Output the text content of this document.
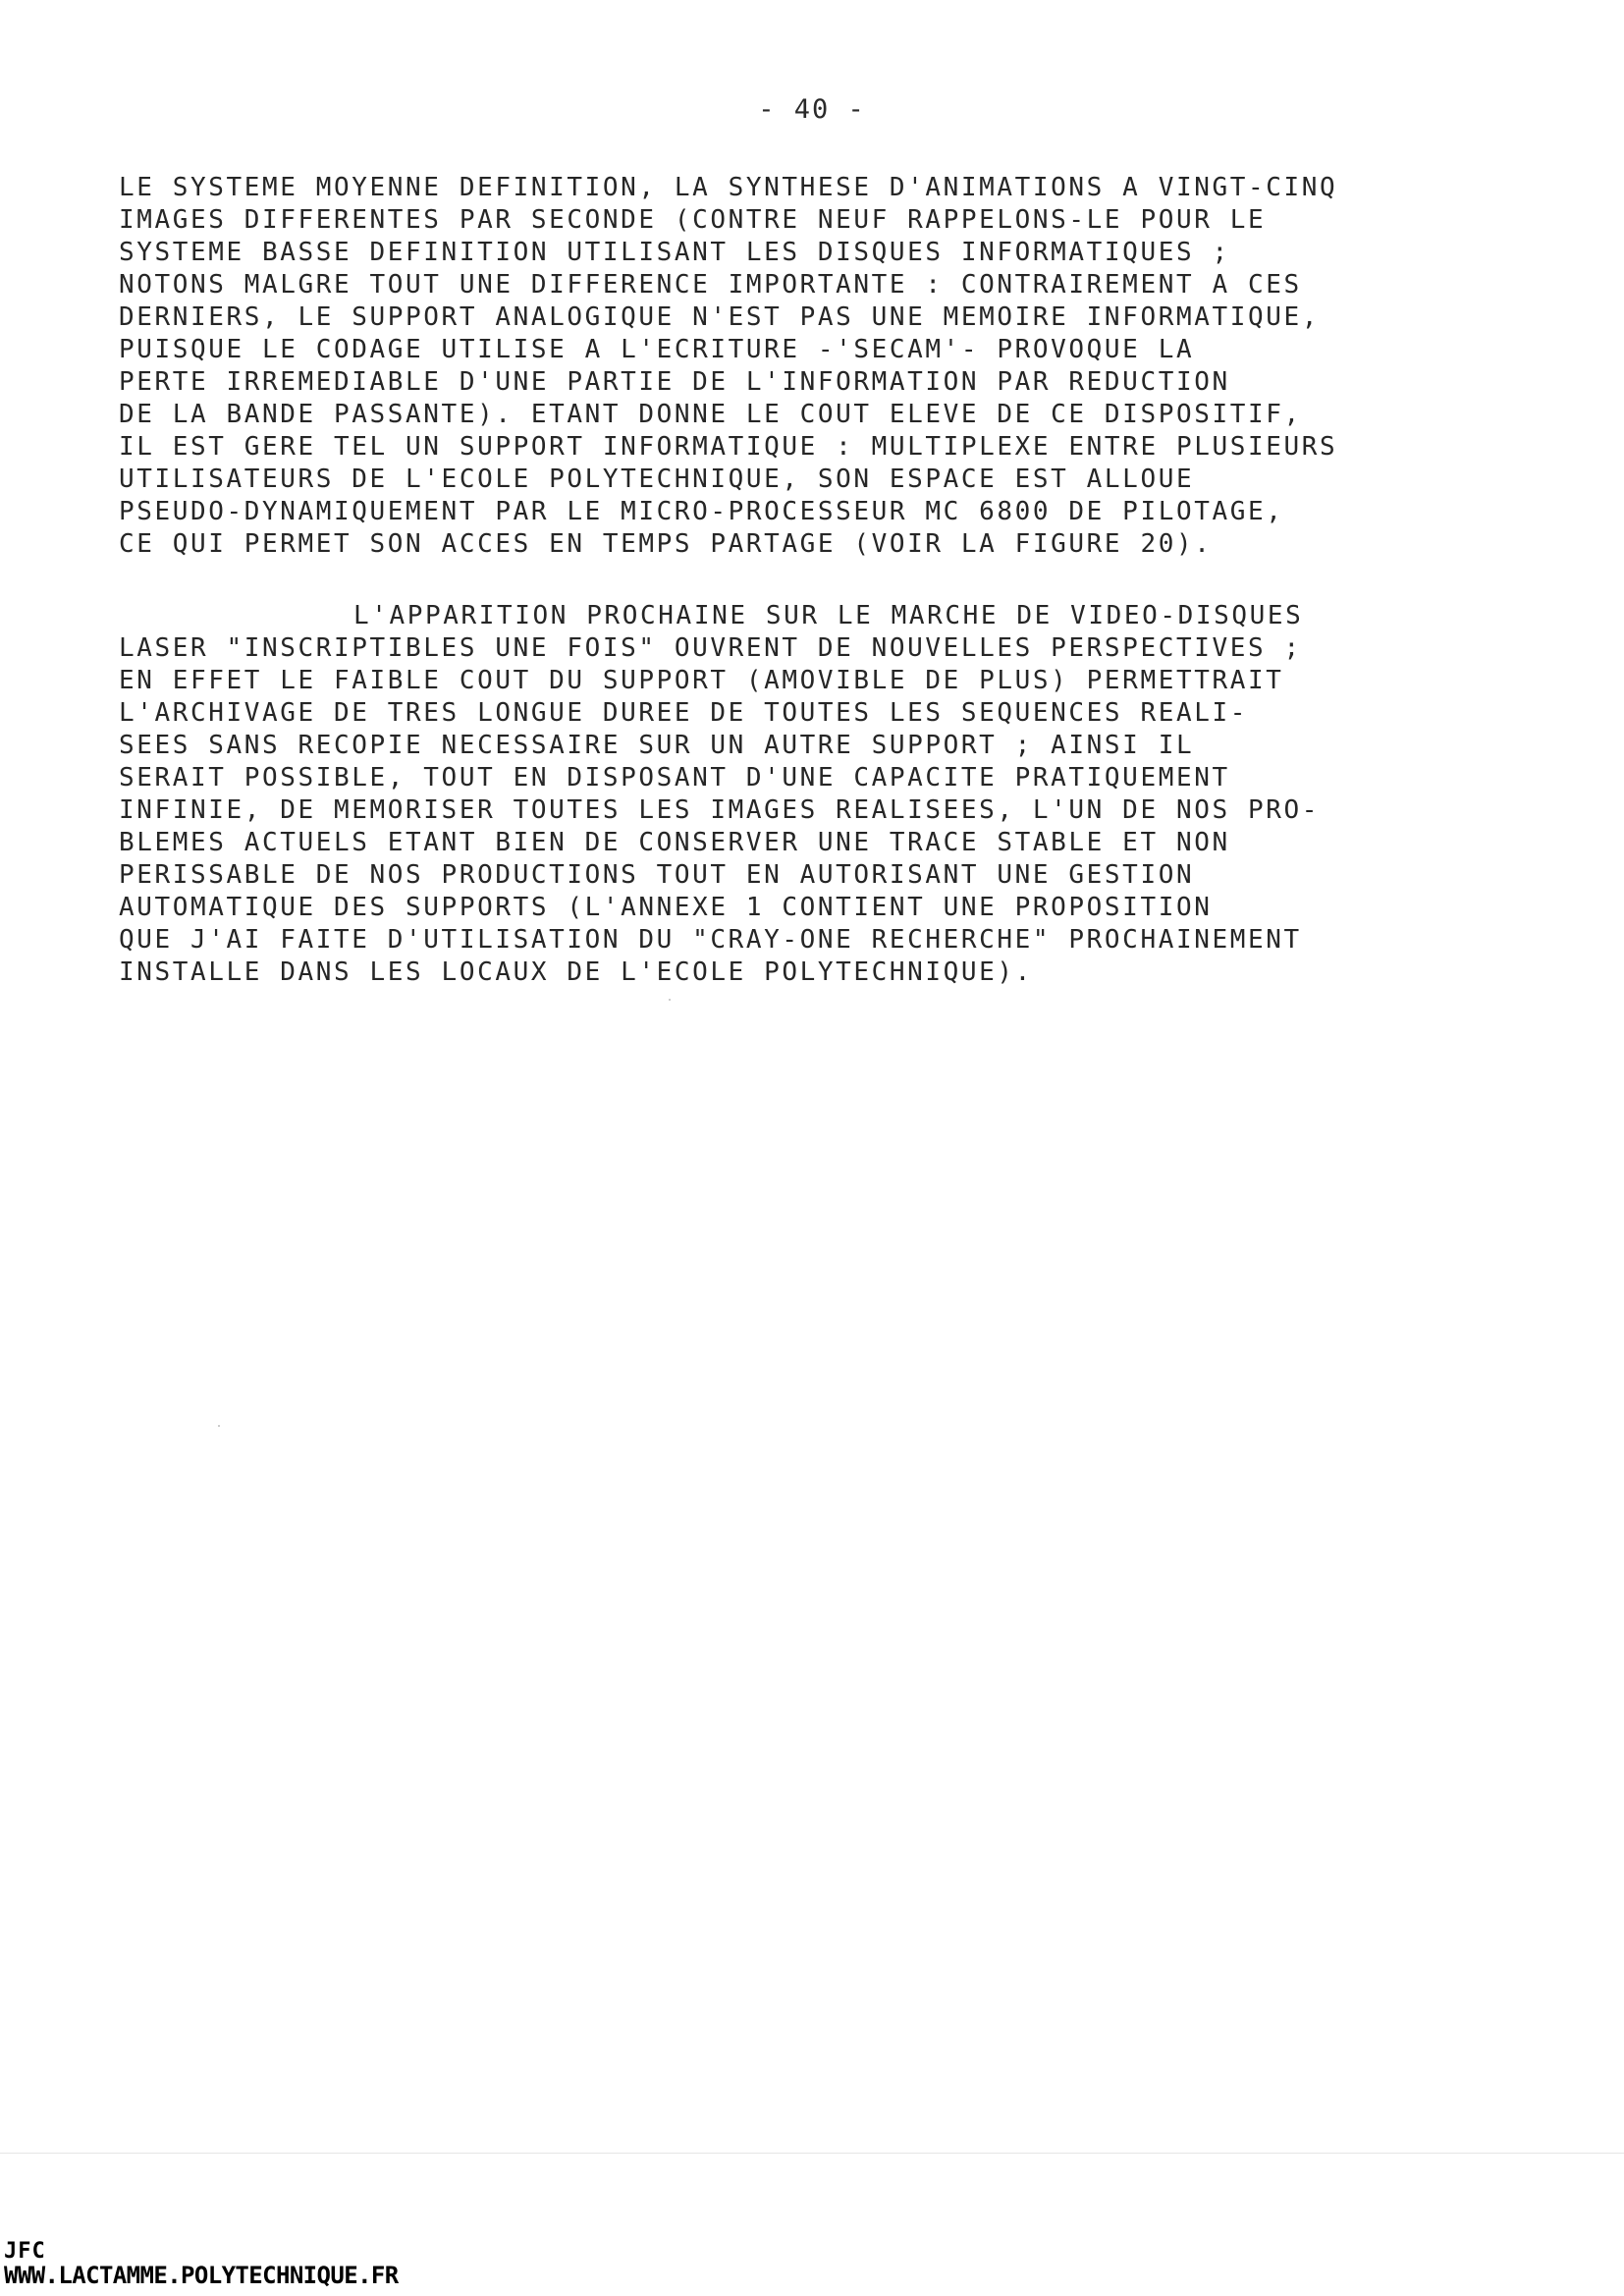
- 40 -
LE SYSTEME MOYENNE DEFINITION, LA SYNTHESE D'ANIMATIONS A VINGT-CINQ
IMAGES DIFFERENTES PAR SECONDE (CONTRE NEUF RAPPELONS-LE POUR LE
SYSTEME BASSE DEFINITION UTILISANT LES DISQUES INFORMATIQUES ;
NOTONS MALGRE TOUT UNE DIFFERENCE IMPORTANTE : CONTRAIREMENT A CES
DERNIERS, LE SUPPORT ANALOGIQUE N'EST PAS UNE MEMOIRE INFORMATIQUE,
PUISQUE LE CODAGE UTILISE A L'ECRITURE -'SECAM'- PROVOQUE LA
PERTE IRREMEDIABLE D'UNE PARTIE DE L'INFORMATION PAR REDUCTION
DE LA BANDE PASSANTE). ETANT DONNE LE COUT ELEVE DE CE DISPOSITIF,
IL EST GERE TEL UN SUPPORT INFORMATIQUE : MULTIPLEXE ENTRE PLUSIEURS
UTILISATEURS DE L'ECOLE POLYTECHNIQUE, SON ESPACE EST ALLOUE
PSEUDO-DYNAMIQUEMENT PAR LE MICRO-PROCESSEUR MC 6800 DE PILOTAGE,
CE QUI PERMET SON ACCES EN TEMPS PARTAGE (VOIR LA FIGURE 20).
L'APPARITION PROCHAINE SUR LE MARCHE DE VIDEO-DISQUES
LASER "INSCRIPTIBLES UNE FOIS" OUVRENT DE NOUVELLES PERSPECTIVES ;
EN EFFET LE FAIBLE COUT DU SUPPORT (AMOVIBLE DE PLUS) PERMETTRAIT
L'ARCHIVAGE DE TRES LONGUE DUREE DE TOUTES LES SEQUENCES REALI-
SEES SANS RECOPIE NECESSAIRE SUR UN AUTRE SUPPORT ; AINSI IL
SERAIT POSSIBLE, TOUT EN DISPOSANT D'UNE CAPACITE PRATIQUEMENT
INFINIE, DE MEMORISER TOUTES LES IMAGES REALISEES, L'UN DE NOS PRO-
BLEMES ACTUELS ETANT BIEN DE CONSERVER UNE TRACE STABLE ET NON
PERISSABLE DE NOS PRODUCTIONS TOUT EN AUTORISANT UNE GESTION
AUTOMATIQUE DES SUPPORTS (L'ANNEXE 1 CONTIENT UNE PROPOSITION
QUE J'AI FAITE D'UTILISATION DU "CRAY-ONE RECHERCHE" PROCHAINEMENT
INSTALLE DANS LES LOCAUX DE L'ECOLE POLYTECHNIQUE).
JFC
WWW.LACTAMME.POLYTECHNIQUE.FR
